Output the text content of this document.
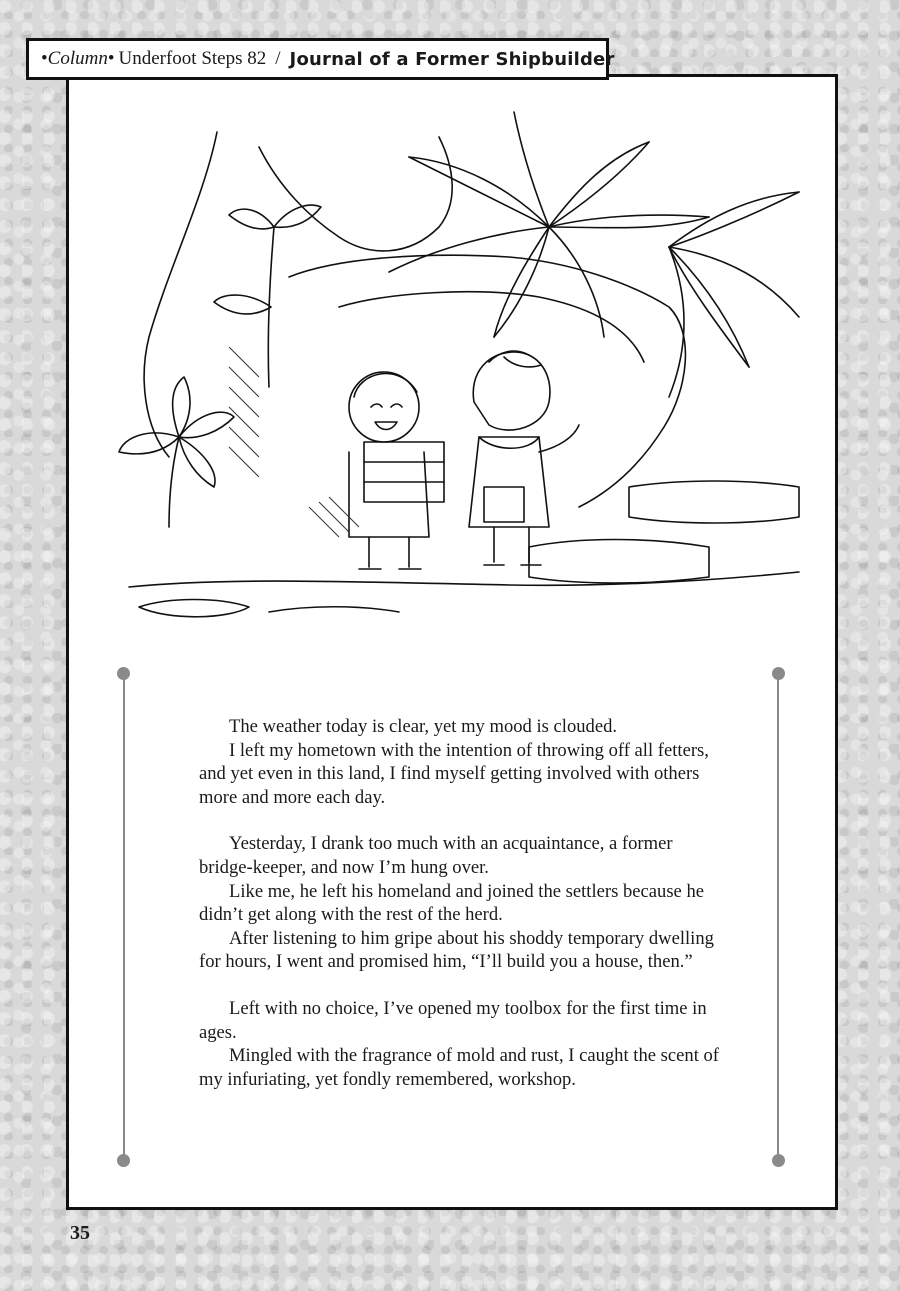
• Column • Underfoot Steps 82 / Journal of a Former Shipbuilder

The weather today is clear, yet my mood is clouded.

I left my hometown with the intention of throwing off all fetters, and yet even in this land, I find myself getting involved with others more and more each day.

Yesterday, I drank too much with an acquaintance, a former bridge-keeper, and now I’m hung over.

Like me, he left his homeland and joined the settlers because he didn’t get along with the rest of the herd.

After listening to him gripe about his shoddy temporary dwelling for hours, I went and promised him, “I’ll build you a house, then.”

Left with no choice, I’ve opened my toolbox for the first time in ages.

Mingled with the fragrance of mold and rust, I caught the scent of my infuriating, yet fondly remembered, workshop.

35
